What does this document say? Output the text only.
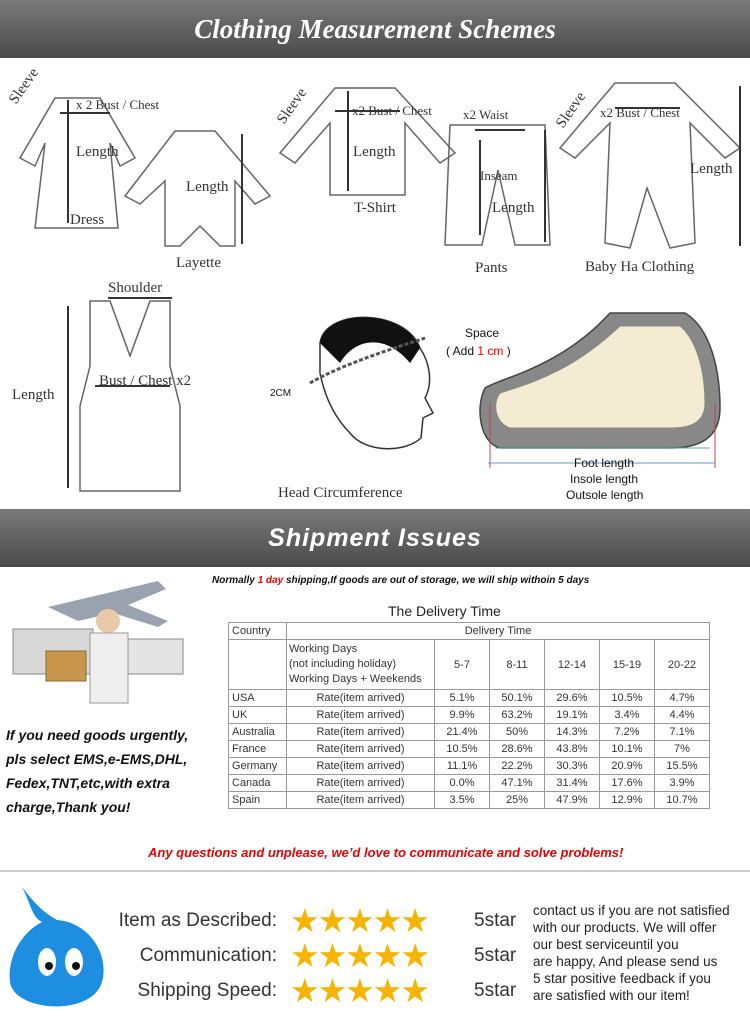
Clothing Measurement Schemes
Sleeve	x 2 Bust / Chest
Length
Dress
Length
Layette
Sleeve	x2 Bust / Chest
Length
T-Shirt
x2 Waist
Inseam
Length
Pants
Sleeve x2 Bust / Chest
Length
Baby Ha Clothing
Shoulder
Length
Bust / Chest x2
2CM
Head Circumference
Space
( Add 1 cm )
Foot length
Insole length
Outsole length
Shipment Issues
Normally 1 day shipping,If goods are out of storage, we will ship withoin 5 days
If you need goods urgently,
pls select EMS,e-EMS,DHL,
Fedex,TNT,etc,with extra
charge,Thank you!
The Delivery Time
Country	Delivery Time					

	Working Days
(not including holiday)
Working Days + Weekends	5-7	8-11	12-14	15-19	20-22
USA	Rate(item arrived)	5.1%	50.1%	29.6%	10.5%	4.7%
UK	Rate(item arrived)	9.9%	63.2%	19.1%	3.4%	4.4%
Australia	Rate(item arrived)	21.4%	50%	14.3%	7.2%	7.1%
France	Rate(item arrived)	10.5%	28.6%	43.8%	10.1%	7%
Germany	Rate(item arrived)	11.1%	22.2%	30.3%	20.9%	15.5%
Canada	Rate(item arrived)	0.0%	47.1%	31.4%	17.6%	3.9%
Spain	Rate(item arrived)	3.5%	25%	47.9%	12.9%	10.7%
Any questions and unplease, we’d love to communicate and solve problems!
Item as Described: ★★★★★ 5star
Communication: ★★★★★ 5star
Shipping Speed: ★★★★★ 5star
contact us if you are not satisfied
with our products. We will offer
our best serviceuntil you
are happy, And please send us
5 star positive feedback if you
are satisfied with our item!
